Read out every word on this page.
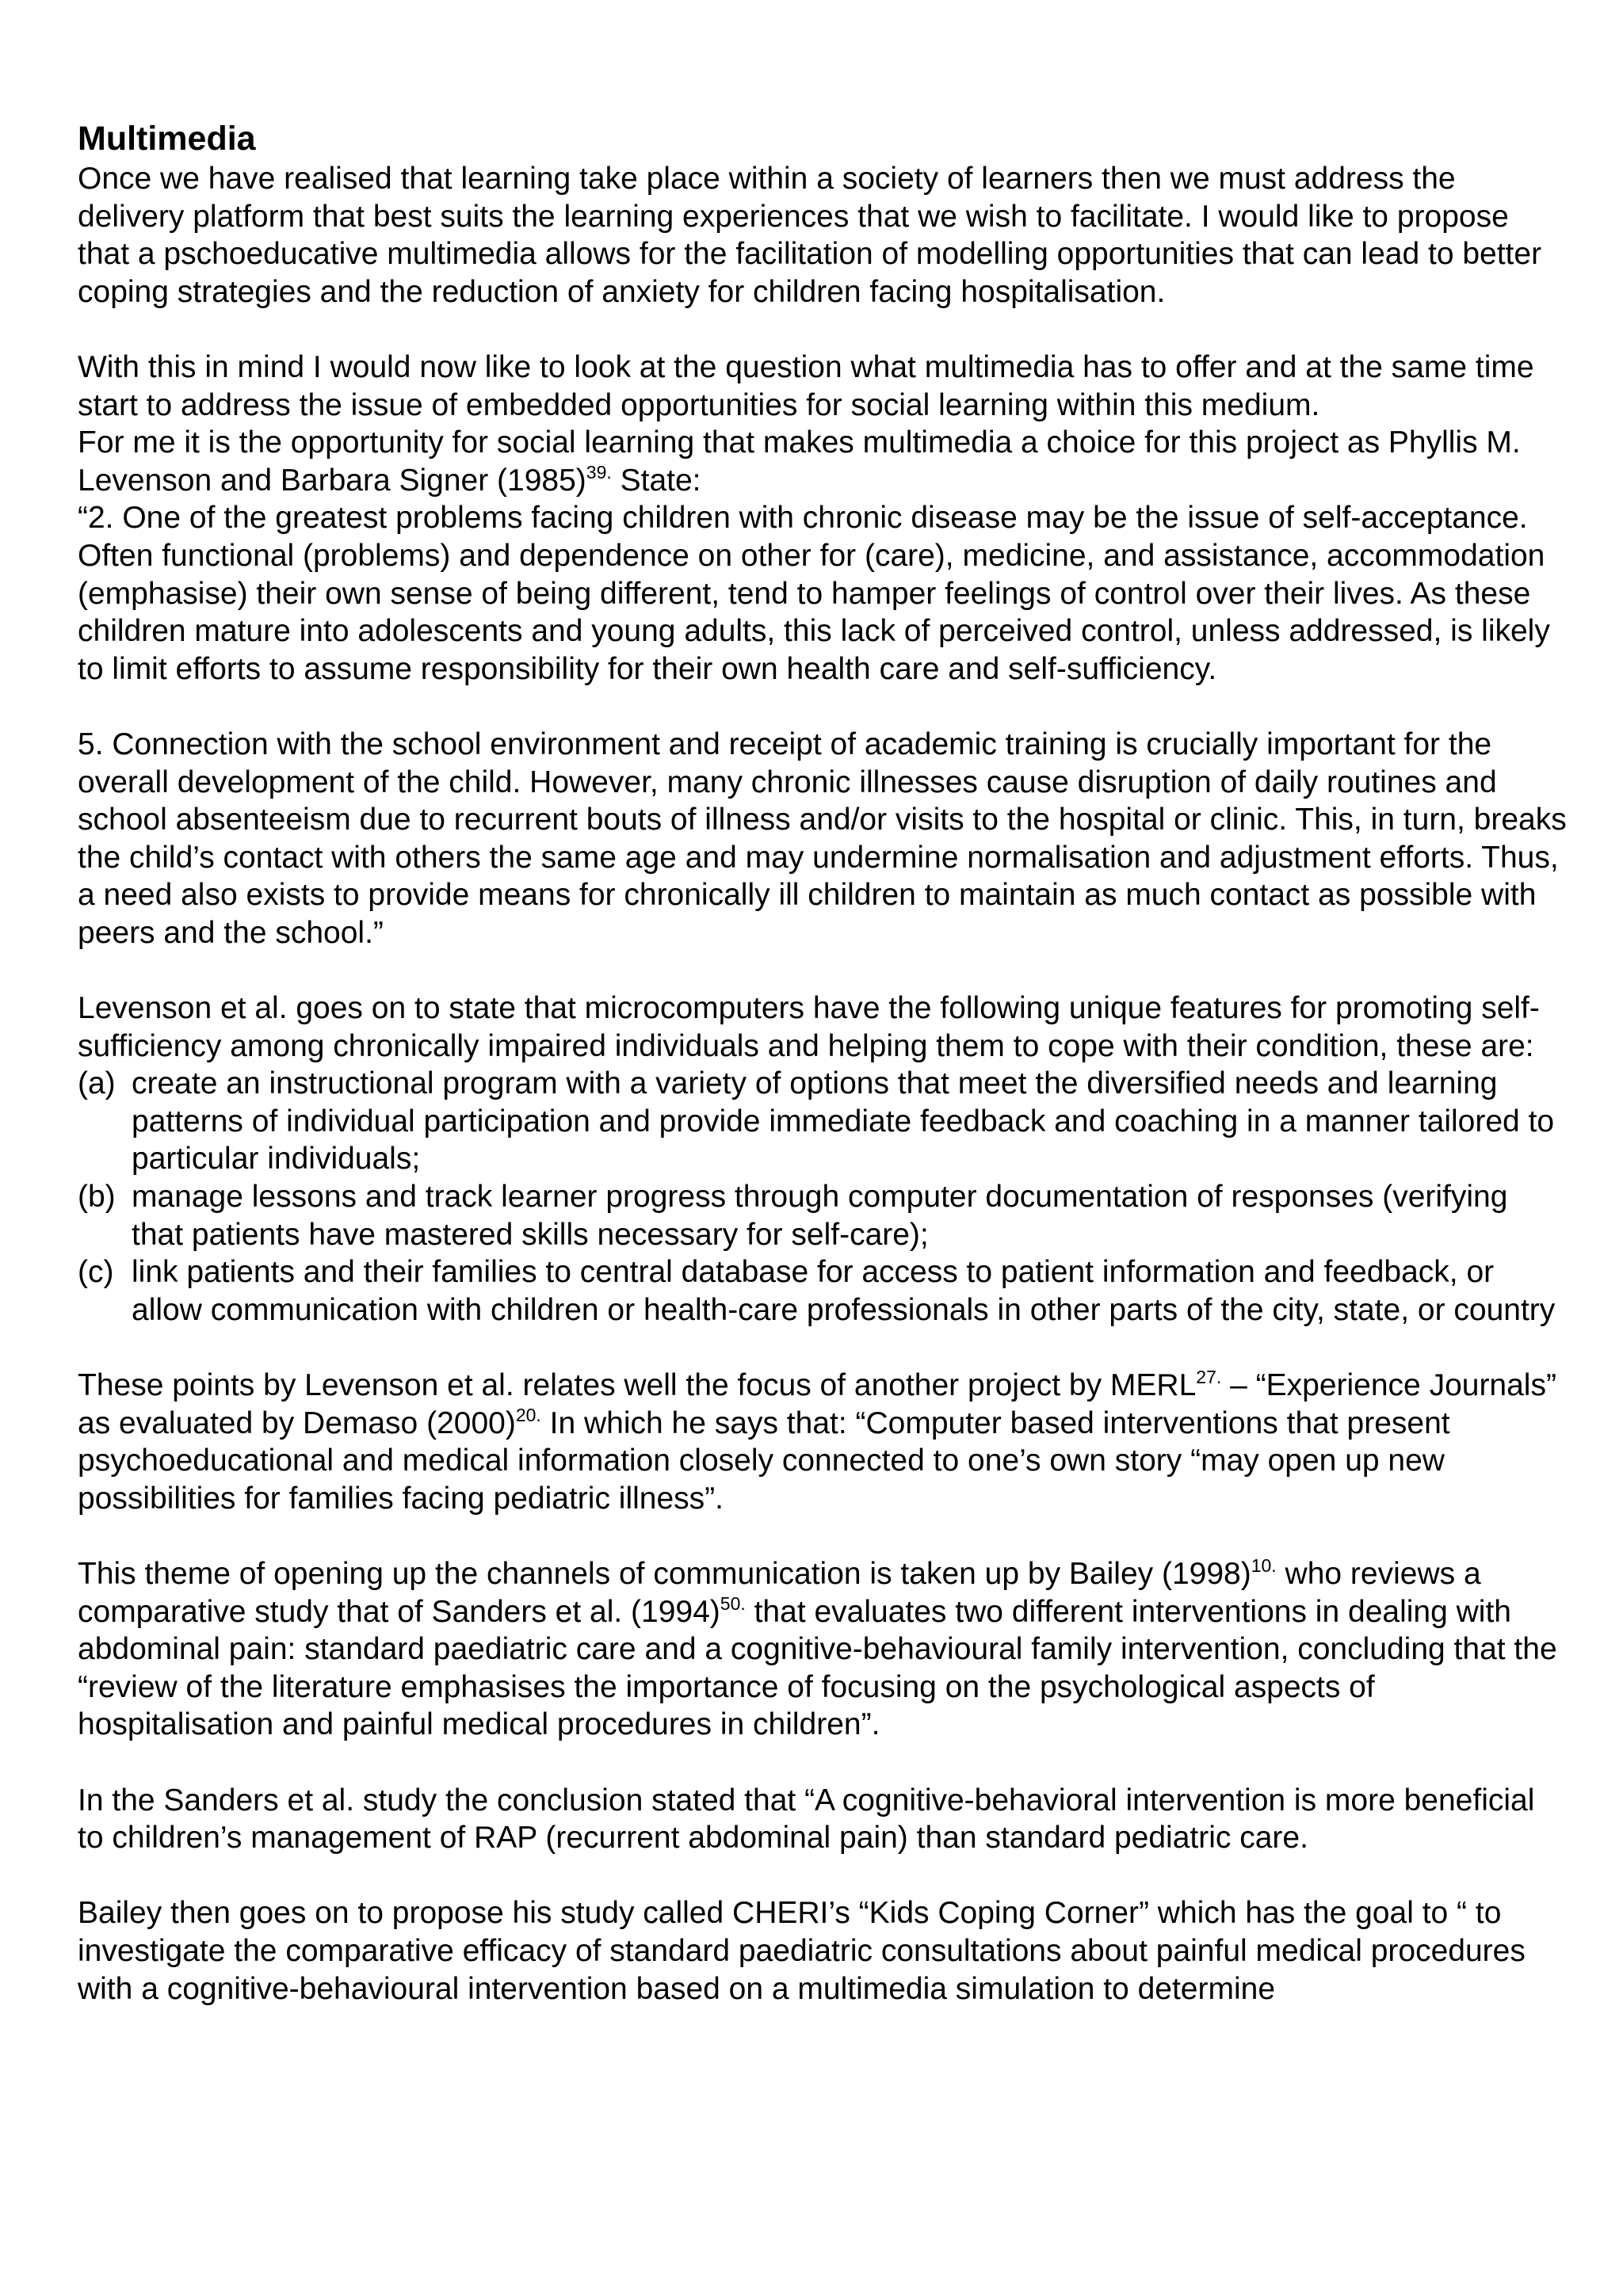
Multimedia

Once we have realised that learning take place within a society of learners then we must address the delivery platform that best suits the learning experiences that we wish to facilitate. I would like to propose that a pschoeducative multimedia allows for the facilitation of modelling opportunities that can lead to better coping strategies and the reduction of anxiety for children facing hospitalisation.

With this in mind I would now like to look at the question what multimedia has to offer and at the same time start to address the issue of embedded opportunities for social learning within this medium.

For me it is the opportunity for social learning that makes multimedia a choice for this project as Phyllis M. Levenson and Barbara Signer $(1985)^{39.}$ State:

“2. One of the greatest problems facing children with chronic disease may be the issue of self-acceptance. Often functional (problems) and dependence on other for (care), medicine, and assistance, accommodation (emphasise) their own sense of being different, tend to hamper feelings of control over their lives. As these children mature into adolescents and young adults, this lack of perceived control, unless addressed, is likely to limit efforts to assume responsibility for their own health care and self-sufficiency.

5. Connection with the school environment and receipt of academic training is crucially important for the overall development of the child. However, many chronic illnesses cause disruption of daily routines and school absenteeism due to recurrent bouts of illness and/or visits to the hospital or clinic. This, in turn, breaks the child’s contact with others the same age and may undermine normalisation and adjustment efforts. Thus, a need also exists to provide means for chronically ill children to maintain as much contact as possible with peers and the school.”

Levenson et al. goes on to state that microcomputers have the following unique features for promoting self-sufficiency among chronically impaired individuals and helping them to cope with their condition, these are:

(a) create an instructional program with a variety of options that meet the diversified needs and learning patterns of individual participation and provide immediate feedback and coaching in a manner tailored to particular individuals;
(b) manage lessons and track learner progress through computer documentation of responses (verifying that patients have mastered skills necessary for self-care);
(c) link patients and their families to central database for access to patient information and feedback, or allow communication with children or health-care professionals in other parts of the city, state, or country

These points by Levenson et al. relates well the focus of another project by $MERL^{27.}$ – “Experience Journals” as evaluated by Demaso $(2000)^{20.}$ In which he says that: “Computer based interventions that present psychoeducational and medical information closely connected to one’s own story “may open up new possibilities for families facing pediatric illness”.

This theme of opening up the channels of communication is taken up by Bailey $(1998)^{10.}$ who reviews a comparative study that of Sanders et al. $(1994)^{50.}$ that evaluates two different interventions in dealing with abdominal pain: standard paediatric care and a cognitive-behavioural family intervention, concluding that the “review of the literature emphasises the importance of focusing on the psychological aspects of hospitalisation and painful medical procedures in children”.

In the Sanders et al. study the conclusion stated that “A cognitive-behavioral intervention is more beneficial to children’s management of RAP (recurrent abdominal pain) than standard pediatric care.

Bailey then goes on to propose his study called CHERI’s “Kids Coping Corner” which has the goal to “ to investigate the comparative efficacy of standard paediatric consultations about painful medical procedures with a cognitive-behavioural intervention based on a multimedia simulation to determine
